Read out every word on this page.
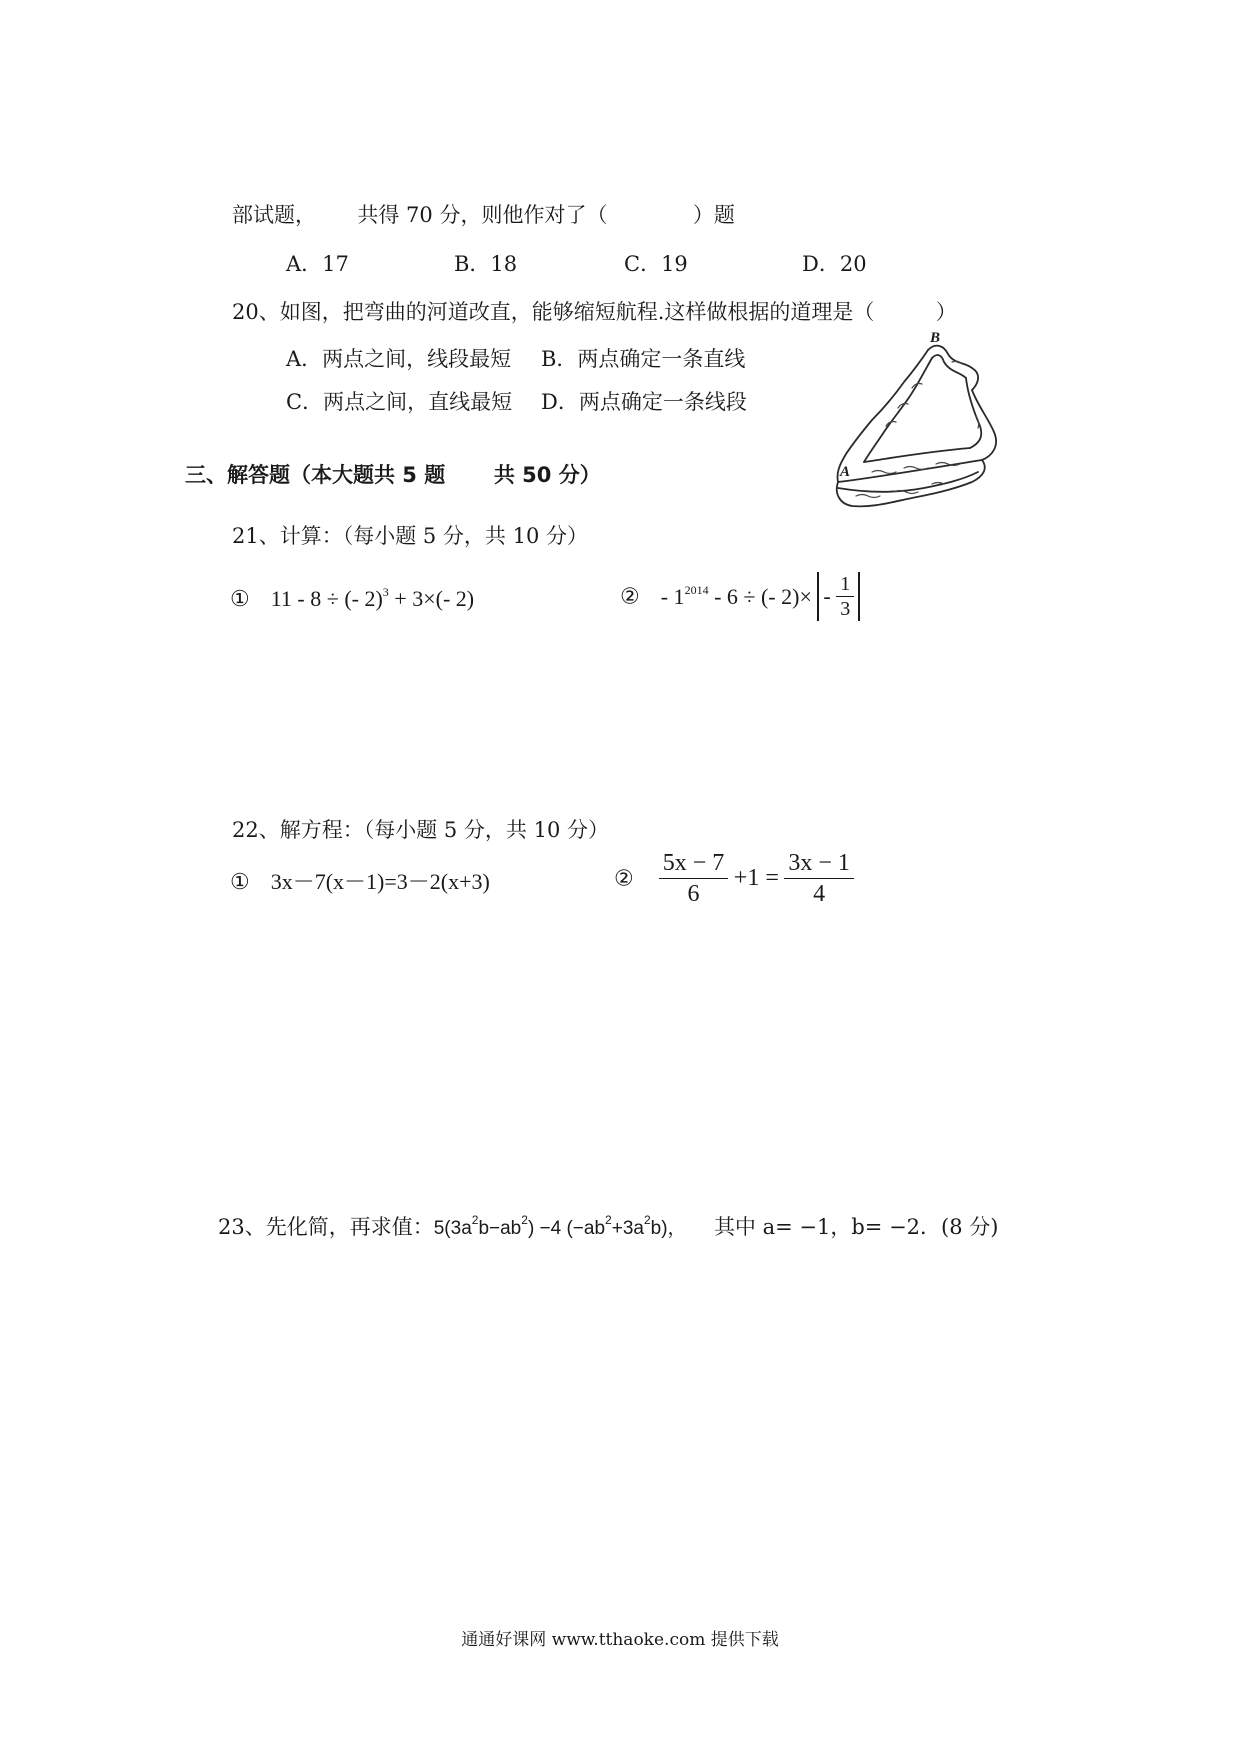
部试题， 共得 70 分，则他作对了（	）题
A．17	B．18	C．19	D．20
20、如图，把弯曲的河道改直，能够缩短航程.这样做根据的道理是（	）
A．两点之间，线段最短 B．两点确定一条直线
C．两点之间，直线最短 D．两点确定一条线段
B
A
三、解答题（本大题共 5 题 共 50 分）
21、计算：（每小题 5 分，共 10 分）
① 11 - 8 ÷ (- 2)$^3$ + 3×(- 2)	② - $1^{2014} - 6$ ÷ (- $2)\times - \frac{1}{3}$
22、解方程：（每小题 5 分，共 10 分）
① 3x－7(x－1)=3－2(x+3)	② $\frac{5x - 7}{6} +1 = \frac{3x - 1}{4}$
23、先化简，再求值：$5(3a^2b-ab^2) -4$ $(-ab^2+3a^2b)$， 其中 a= −1，b= −2．(8 分)
通通好课网 www.tthaoke.com 提供下载
